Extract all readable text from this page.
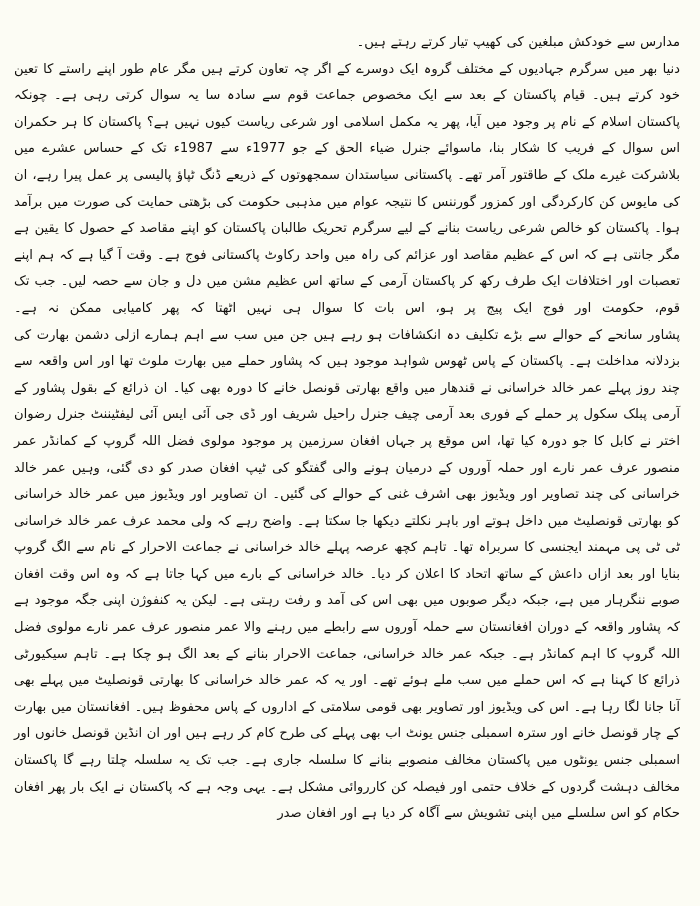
مدارس سے خودکش مبلغین کی کھیپ تیار کرتے رہتے ہیں۔

دنیا بھر میں سرگرم جہادیوں کے مختلف گروہ ایک دوسرے کے اگر چہ تعاون کرتے ہیں مگر عام طور اپنے راستے کا تعین خود کرتے ہیں۔ قیام پاکستان کے بعد سے ایک مخصوص جماعت قوم سے سادہ سا یہ سوال کرتی رہی ہے۔ چونکہ پاکستان اسلام کے نام پر وجود میں آیا، پھر یہ مکمل اسلامی اور شرعی ریاست کیوں نہیں ہے؟ پاکستان کا ہر حکمران اس سوال کے فریب کا شکار بنا، ماسوائے جنرل ضیاء الحق کے جو 1977ء سے 1987ء تک کے حساس عشرے میں بلاشرکت غیرے ملک کے طاقتور آمر تھے۔ پاکستانی سیاستدان سمجھوتوں کے ذریعے ڈنگ ٹپاؤ پالیسی پر عمل پیرا رہے، ان کی مایوس کن کارکردگی اور کمزور گورننس کا نتیجہ عوام میں مذہبی حکومت کی بڑھتی حمایت کی صورت میں برآمد ہوا۔ پاکستان کو خالص شرعی ریاست بنانے کے لیے سرگرم تحریک طالبان پاکستان کو اپنے مقاصد کے حصول کا یقین ہے مگر جانتی ہے کہ اس کے عظیم مقاصد اور عزائم کی راہ میں واحد رکاوٹ پاکستانی فوج ہے۔ وقت آ گیا ہے کہ ہم اپنے تعصبات اور اختلافات ایک طرف رکھ کر پاکستان آرمی کے ساتھ اس عظیم مشن میں دل و جان سے حصہ لیں۔ جب تک قوم، حکومت اور فوج ایک پیج پر ہو، اس بات کا سوال ہی نہیں اٹھتا کہ پھر کامیابی ممکن نہ ہے۔

پشاور سانحے کے حوالے سے بڑے تکلیف دہ انکشافات ہو رہے ہیں جن میں سب سے اہم ہمارے ازلی دشمن بھارت کی بزدلانہ مداخلت ہے۔ پاکستان کے پاس ٹھوس شواہد موجود ہیں کہ پشاور حملے میں بھارت ملوث تھا اور اس واقعہ سے چند روز پہلے عمر خالد خراسانی نے قندھار میں واقع بھارتی قونصل خانے کا دورہ بھی کیا۔ ان ذرائع کے بقول پشاور کے آرمی پبلک سکول پر حملے کے فوری بعد آرمی چیف جنرل راحیل شریف اور ڈی جی آئی ایس آئی لیفٹیننٹ جنرل رضوان اختر نے کابل کا جو دورہ کیا تھا، اس موقع پر جہاں افغان سرزمین پر موجود مولوی فضل اللہ گروپ کے کمانڈر عمر منصور عرف عمر نارے اور حملہ آوروں کے درمیان ہونے والی گفتگو کی ٹیپ افغان صدر کو دی گئی، وہیں عمر خالد خراسانی کی چند تصاویر اور ویڈیوز بھی اشرف غنی کے حوالے کی گئیں۔ ان تصاویر اور ویڈیوز میں عمر خالد خراسانی کو بھارتی قونصلیٹ میں داخل ہوتے اور باہر نکلتے دیکھا جا سکتا ہے۔ واضح رہے کہ ولی محمد عرف عمر خالد خراسانی ٹی ٹی پی مہمند ایجنسی کا سربراہ تھا۔ تاہم کچھ عرصہ پہلے خالد خراسانی نے جماعت الاحرار کے نام سے الگ گروپ بنایا اور بعد ازاں داعش کے ساتھ اتحاد کا اعلان کر دیا۔ خالد خراسانی کے بارے میں کہا جاتا ہے کہ وہ اس وقت افغان صوبے ننگرہار میں ہے، جبکہ دیگر صوبوں میں بھی اس کی آمد و رفت رہتی ہے۔ لیکن یہ کنفوژن اپنی جگہ موجود ہے کہ پشاور واقعہ کے دوران افغانستان سے حملہ آوروں سے رابطے میں رہنے والا عمر منصور عرف عمر نارے مولوی فضل اللہ گروپ کا اہم کمانڈر ہے۔ جبکہ عمر خالد خراسانی، جماعت الاحرار بنانے کے بعد الگ ہو چکا ہے۔ تاہم سیکیورٹی ذرائع کا کہنا ہے کہ اس حملے میں سب ملے ہوئے تھے۔ اور یہ کہ عمر خالد خراسانی کا بھارتی قونصلیٹ میں پہلے بھی آنا جانا لگا رہا ہے۔ اس کی ویڈیوز اور تصاویر بھی قومی سلامتی کے اداروں کے پاس محفوظ ہیں۔ افغانستان میں بھارت کے چار قونصل خانے اور سترہ اسمبلی جنس یونٹ اب بھی پہلے کی طرح کام کر رہے ہیں اور ان انڈین قونصل خانوں اور اسمبلی جنس یونٹوں میں پاکستان مخالف منصوبے بنانے کا سلسلہ جاری ہے۔ جب تک یہ سلسلہ چلتا رہے گا پاکستان مخالف دہشت گردوں کے خلاف حتمی اور فیصلہ کن کارروائی مشکل ہے۔ یہی وجہ ہے کہ پاکستان نے ایک بار پھر افغان حکام کو اس سلسلے میں اپنی تشویش سے آگاہ کر دیا ہے اور افغان صدر
